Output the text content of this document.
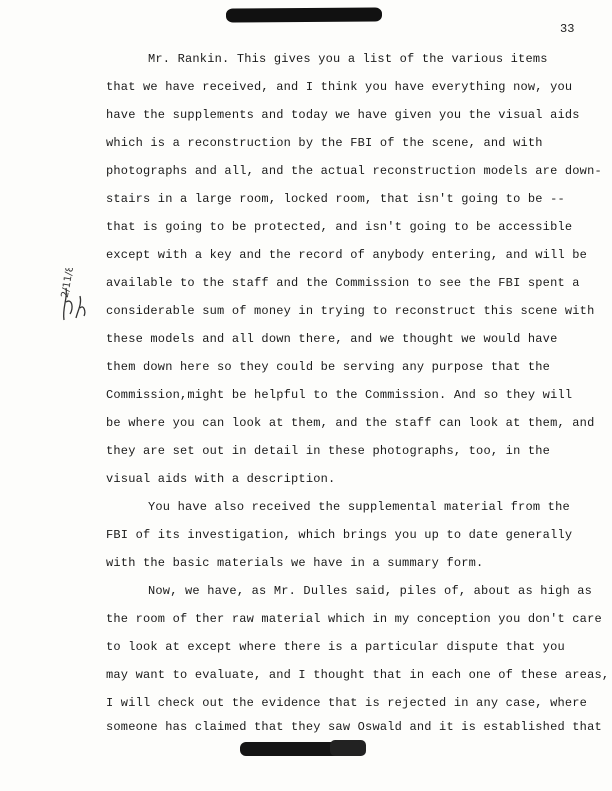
33
2/11/85
Mr. Rankin. This gives you a list of the various items
that we have received, and I think you have everything now, you
have the supplements and today we have given you the visual aids
which is a reconstruction by the FBI of the scene, and with
photographs and all, and the actual reconstruction models are down-
stairs in a large room, locked room, that isn't going to be --
that is going to be protected, and isn't going to be accessible
except with a key and the record of anybody entering, and will be
available to the staff and the Commission to see the FBI spent a
considerable sum of money in trying to reconstruct this scene with
these models and all down there, and we thought we would have
them down here so they could be serving any purpose that the
Commission,might be helpful to the Commission. And so they will
be where you can look at them, and the staff can look at them, and
they are set out in detail in these photographs, too, in the
visual aids with a description.
You have also received the supplemental material from the
FBI of its investigation, which brings you up to date generally
with the basic materials we have in a summary form.
Now, we have, as Mr. Dulles said, piles of, about as high as
the room of ther raw material which in my conception you don't care
to look at except where there is a particular dispute that you
may want to evaluate, and I thought that in each one of these areas,
I will check out the evidence that is rejected in any case, where
someone has claimed that they saw Oswald and it is established that
